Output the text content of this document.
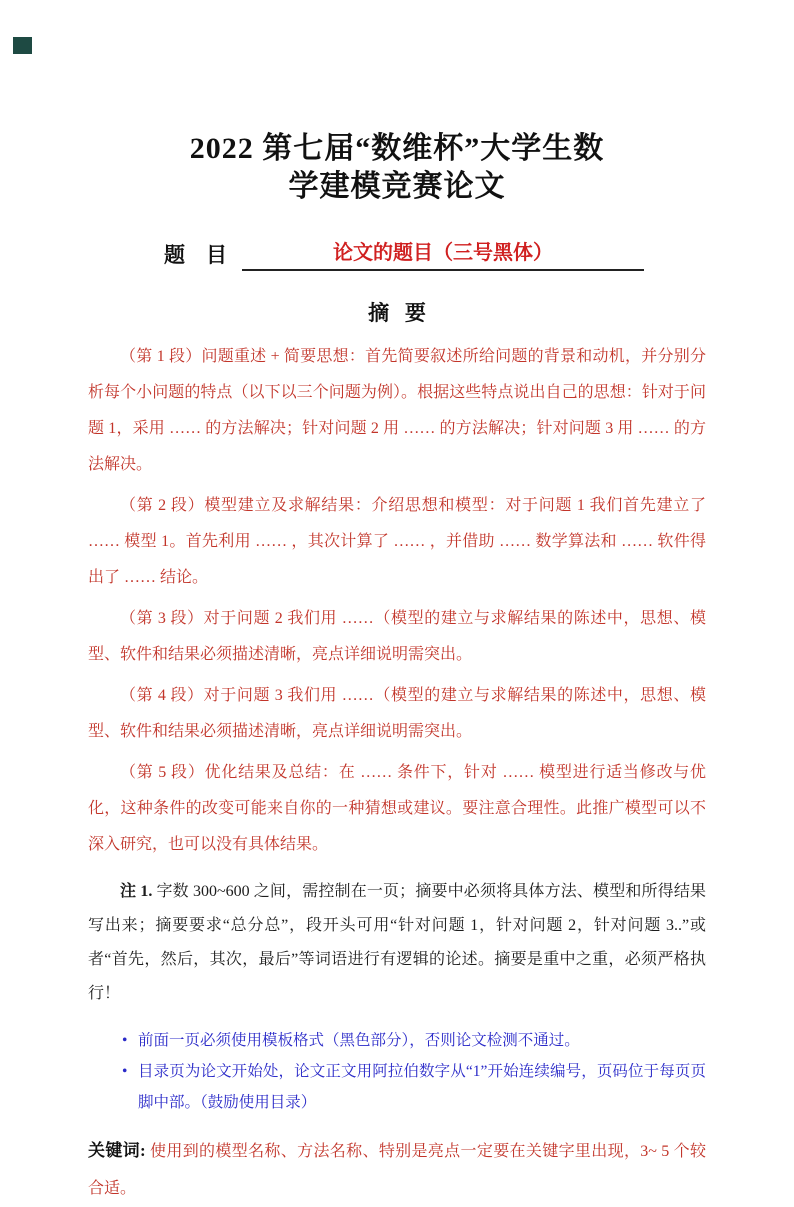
2022 第七届“数维杯”大学生数
学建模竞赛论文
题    目	论文的题目（三号黑体）
摘   要

（第 1 段）问题重述 + 简要思想：首先简要叙述所给问题的背景和动机，并分别分析每个小问题的特点（以下以三个问题为例）。根据这些特点说出自己的思想：针对于问题 1，采用 …… 的方法解决；针对问题 2 用 …… 的方法解决；针对问题 3 用 …… 的方法解决。

（第 2 段）模型建立及求解结果：介绍思想和模型：对于问题 1 我们首先建立了 …… 模型 1。首先利用 …… ，其次计算了 …… ，并借助 …… 数学算法和 …… 软件得出了 …… 结论。

（第 3 段）对于问题 2 我们用 ……（模型的建立与求解结果的陈述中，思想、模型、软件和结果必须描述清晰，亮点详细说明需突出。

（第 4 段）对于问题 3 我们用 ……（模型的建立与求解结果的陈述中，思想、模型、软件和结果必须描述清晰，亮点详细说明需突出。

（第 5 段）优化结果及总结：在 …… 条件下，针对 …… 模型进行适当修改与优化，这种条件的改变可能来自你的一种猜想或建议。要注意合理性。此推广模型可以不深入研究，也可以没有具体结果。

注 1. 字数 300~600 之间，需控制在一页；摘要中必须将具体方法、模型和所得结果写出来；摘要要求“总分总”，段开头可用“针对问题 1，针对问题 2，针对问题 3..”或者“首先，然后，其次，最后”等词语进行有逻辑的论述。摘要是重中之重，必须严格执行！

• 前面一页必须使用模板格式（黑色部分），否则论文检测不通过。
• 目录页为论文开始处，论文正文用阿拉伯数字从“1”开始连续编号，页码位于每页页脚中部。（鼓励使用目录）

关键词: 使用到的模型名称、方法名称、特别是亮点一定要在关键字里出现，3~ 5 个较合适。
